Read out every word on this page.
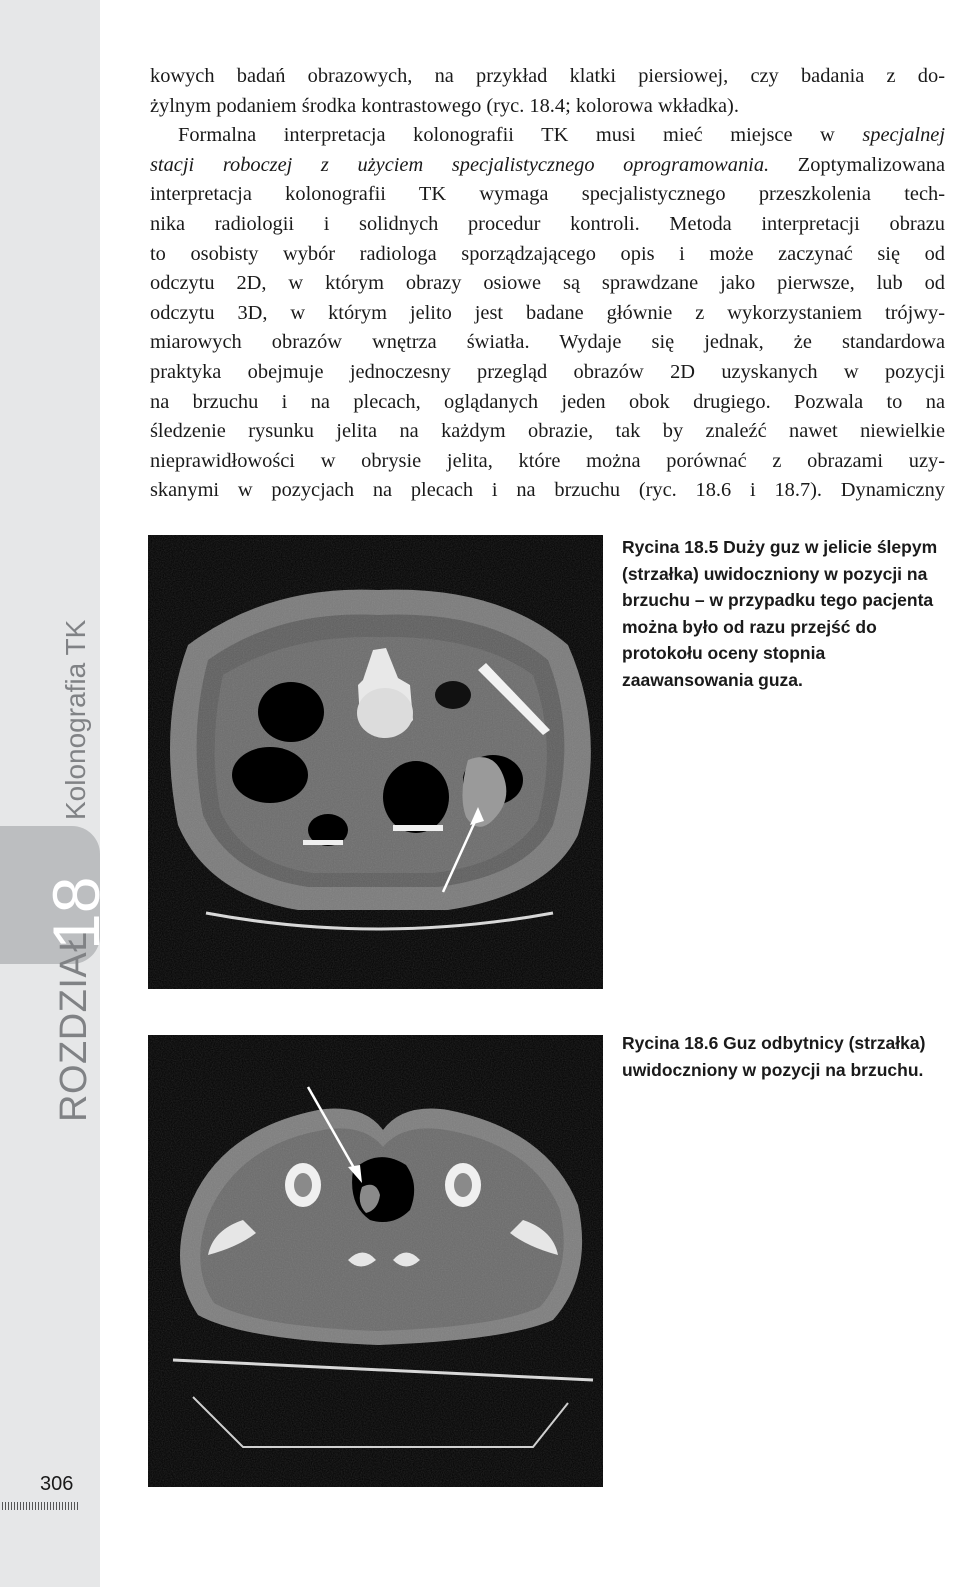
ROZDZIAŁ
18
Kolonografia TK
306
kowych badań obrazowych, na przykład klatki piersiowej, czy badania z do-
żylnym podaniem środka kontrastowego (ryc. 18.4; kolorowa wkładka).
Formalna interpretacja kolonografii TK musi mieć miejsce w specjalnej
stacji roboczej z użyciem specjalistycznego oprogramowania. Zoptymalizowana
interpretacja kolonografii TK wymaga specjalistycznego przeszkolenia tech-
nika radiologii i solidnych procedur kontroli. Metoda interpretacji obrazu
to osobisty wybór radiologa sporządzającego opis i może zaczynać się od
odczytu 2D, w którym obrazy osiowe są sprawdzane jako pierwsze, lub od
odczytu 3D, w którym jelito jest badane głównie z wykorzystaniem trójwy-
miarowych obrazów wnętrza światła. Wydaje się jednak, że standardowa
praktyka obejmuje jednoczesny przegląd obrazów 2D uzyskanych w pozycji
na brzuchu i na plecach, oglądanych jeden obok drugiego. Pozwala to na
śledzenie rysunku jelita na każdym obrazie, tak by znaleźć nawet niewielkie
nieprawidłowości w obrysie jelita, które można porównać z obrazami uzy-
skanymi w pozycjach na plecach i na brzuchu (ryc. 18.6 i 18.7). Dynamiczny
Rycina 18.5 Duży guz w jelicie ślepym (strzałka) uwidoczniony w pozycji na brzuchu – w przypadku tego pacjenta można było od razu przejść do protokołu oceny stopnia zaawansowania guza.
Rycina 18.6 Guz odbytnicy (strzałka) uwidoczniony w pozycji na brzuchu.
